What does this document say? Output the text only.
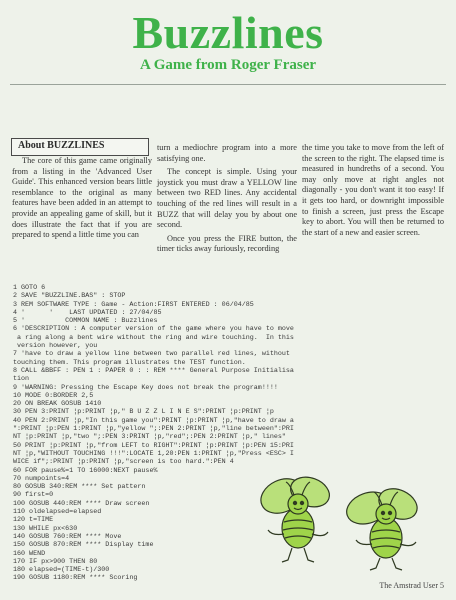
Buzzlines
A Game from Roger Fraser
About BUZZLINES

The core of this game came originally from a listing in the 'Advanced User Guide'. This enhanced version bears little resemblance to the original as many features have been added in an attempt to provide an appealing game of skill, but it does illustrate the fact that if you are prepared to spend a little time you can

turn a mediochre program into a more satisfying one.

The concept is simple. Using your joystick you must draw a YELLOW line between two RED lines. Any accidental touching of the red lines will result in a BUZZ that will delay you by about one second.

Once you press the FIRE button, the timer ticks away furiously, recording

the time you take to move from the left of the screen to the right. The elapsed time is measured in hundreths of a second. You may only move at right angles not diagonally - you don't want it too easy! If it gets too hard, or downright impossible to finish a screen, just press the Escape key to abort. You will then be returned to the start of a new and easier screen.

1 GOTO 6
2 SAVE "BUZZLINE.BAS" : STOP
3 REM SOFTWARE TYPE : Game - Action:FIRST ENTERED : 06/04/85
4 '      '    LAST UPDATED : 27/04/85
5 '          COMMON NAME : Buzzlines
6 'DESCRIPTION : A computer version of the game where you have to move
a ring along a bent wire without the ring and wire touching.  In this
version however, you
7 'have to draw a yellow line between two parallel red lines, without
touching them. This program illustrates the TEST function.
8 CALL &BBFF : PEN 1 : PAPER 0 : : REM **** General Purpose Initialisa
tion
9 'WARNING: Pressing the Escape Key does not break the program!!!!
10 MODE 0:BORDER 2,5
20 ON BREAK GOSUB 1410
30 PEN 3:PRINT ¦p:PRINT ¦p," B U Z Z L I N E S":PRINT ¦p:PRINT ¦p
40 PEN 2:PRINT ¦p,"In this game you":PRINT ¦p:PRINT ¦p,"have to draw a
":PRINT ¦p:PEN 1:PRINT ¦p,"yellow ";:PEN 2:PRINT ¦p,"line between":PRI
NT ¦p:PRINT ¦p,"two ";:PEN 3:PRINT ¦p,"red";:PEN 2:PRINT ¦p," lines"
50 PRINT ¦p:PRINT ¦p,"from LEFT to RIGHT":PRINT ¦p:PRINT ¦p:PEN 15:PRI
NT ¦p,"WITHOUT TOUCHING !!!":LOCATE 1,20:PEN 1:PRINT ¦p,"Press <ESC> I
WICE if";:PRINT ¦p:PRINT ¦p,"screen is too hard.":PEN 4
60 FOR pause%=1 TO 16000:NEXT pause%
70 numpoints=4
80 GOSUB 340:REM **** Set pattern
90 first=0
100 GOSUB 440:REM **** Draw screen
110 oldelapsed=elapsed
120 t=TIME
130 WHILE px<630
140 GOSUB 760:REM **** Move
150 GOSUB 870:REM **** Display time
160 WEND
170 IF px>900 THEN 80
180 elapsed=(TIME-t)/300
190 GOSUB 1180:REM **** Scoring
The Amstrad User 5
